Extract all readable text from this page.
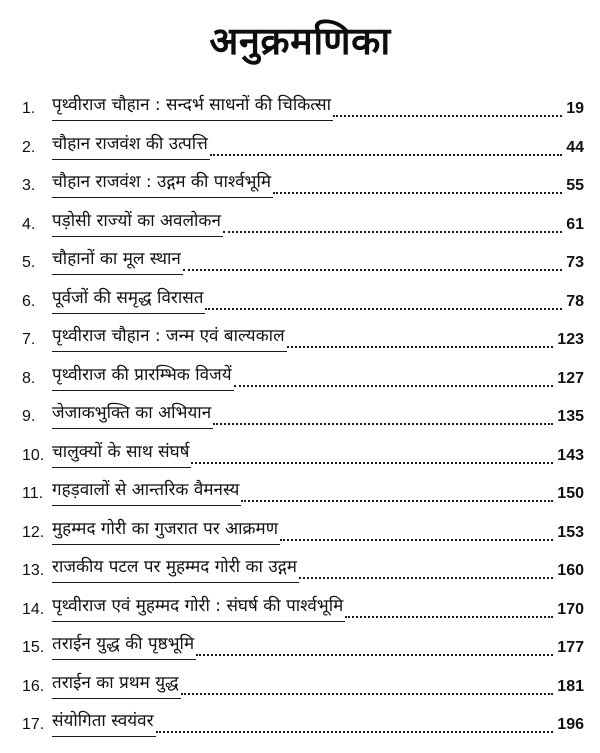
अनुक्रमणिका
1. पृथ्वीराज चौहान : सन्दर्भ साधनों की चिकित्सा	19
2. चौहान राजवंश की उत्पत्ति	44
3. चौहान राजवंश : उद्गम की पार्श्वभूमि	55
4. पड़ोसी राज्यों का अवलोकन	61
5. चौहानों का मूल स्थान	73
6. पूर्वजों की समृद्ध विरासत	78
7. पृथ्वीराज चौहान : जन्म एवं बाल्यकाल	123
8. पृथ्वीराज की प्रारम्भिक विजयें	127
9. जेजाकभुक्ति का अभियान	135
10. चालुक्यों के साथ संघर्ष	143
11. गहड़वालों से आन्तरिक वैमनस्य	150
12. मुहम्मद गोरी का गुजरात पर आक्रमण	153
13. राजकीय पटल पर मुहम्मद गोरी का उद्गम	160
14. पृथ्वीराज एवं मुहम्मद गोरी : संघर्ष की पार्श्वभूमि	170
15. तराईन युद्ध की पृष्ठभूमि	177
16. तराईन का प्रथम युद्ध	181
17. संयोगिता स्वयंवर	196
